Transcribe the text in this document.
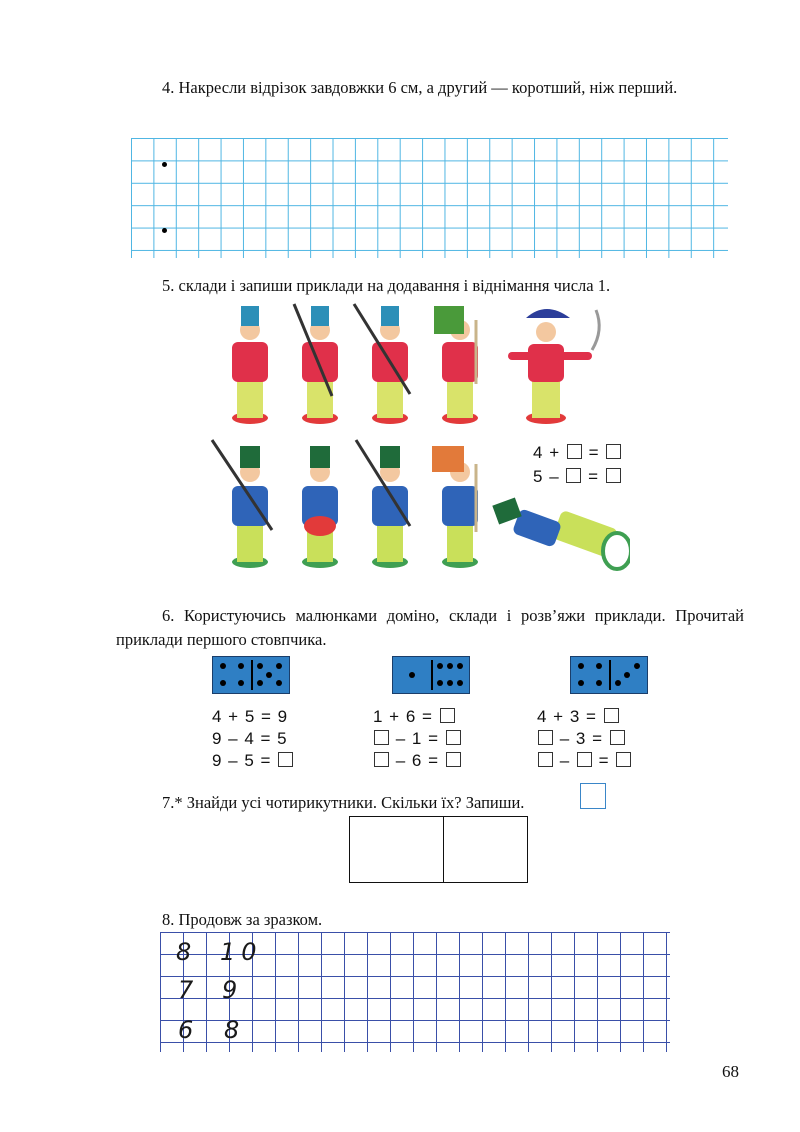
4. Накресли відрізок завдовжки 6 см, а другий — коротший, ніж перший.
5. склади і запиши приклади на додавання і віднімання числа 1.
4 + =
5 – =
6. Користуючись малюнками доміно, склади і розв’яжи приклади. Прочитай приклади першого стовпчика.
4 + 5 = 9
9 – 4 = 5
9 – 5 =
1 + 6 =
– 1 =
– 6 =
4 + 3 =
– 3 =
– =
7.* Знайди усі чотирикутники. Скільки їх? Запиши.
8. Продовж за зразком.
8	10
7 9
6 8
68
